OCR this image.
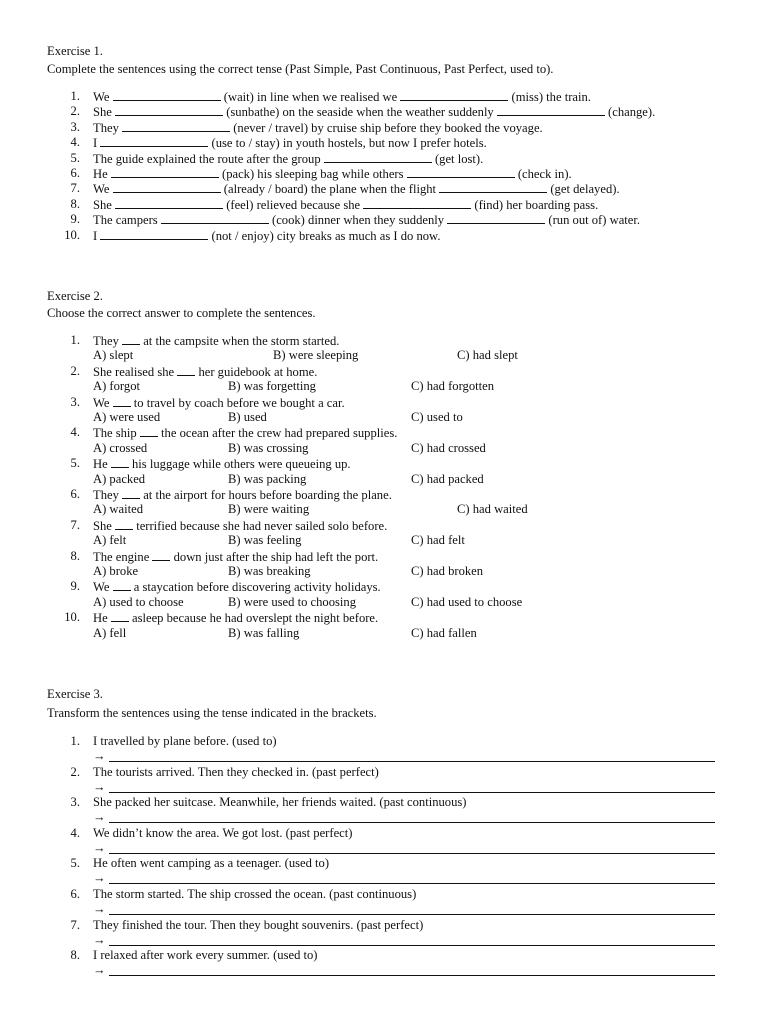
Exercise 1.
Complete the sentences using the correct tense (Past Simple, Past Continuous, Past Perfect, used to).
1. We	(wait) in line when we realised we	(miss) the train.
2. She	(sunbathe) on the seaside when the weather suddenly	(change).
3. They	(never / travel) by cruise ship before they booked the voyage.
4. I	(use to / stay) in youth hostels, but now I prefer hotels.
5. The guide explained the route after the group	(get lost).
6. He	(pack) his sleeping bag while others	(check in).
7. We	(already / board) the plane when the flight	(get delayed).
8. She	(feel) relieved because she	(find) her boarding pass.
9. The campers	(cook) dinner when they suddenly	(run out of) water.
10. I	(not / enjoy) city breaks as much as I do now.
Exercise 2.
Choose the correct answer to complete the sentences.
1. They at the campsite when the storm started.
A) slept	B) were sleeping	C) had slept
2. She realised she her guidebook at home.
A) forgot	B) was forgetting	C) had forgotten
3. We to travel by coach before we bought a car.
A) were used	B) used	C) used to
4. The ship the ocean after the crew had prepared supplies.
A) crossed	B) was crossing	C) had crossed
5. He his luggage while others were queueing up.
A) packed	B) was packing	C) had packed
6. They at the airport for hours before boarding the plane.
A) waited	B) were waiting	C) had waited
7. She terrified because she had never sailed solo before.
A) felt	B) was feeling	C) had felt
8. The engine down just after the ship had left the port.
A) broke	B) was breaking	C) had broken
9. We a staycation before discovering activity holidays.
A) used to choose	B) were used to choosing	C) had used to choose
10. He asleep because he had overslept the night before.
A) fell	B) was falling	C) had fallen
Exercise 3.
Transform the sentences using the tense indicated in the brackets.
1. I travelled by plane before. (used to)
→
2. The tourists arrived. Then they checked in. (past perfect)
→
3. She packed her suitcase. Meanwhile, her friends waited. (past continuous)
→
4. We didn’t know the area. We got lost. (past perfect)
→
5. He often went camping as a teenager. (used to)
→
6. The storm started. The ship crossed the ocean. (past continuous)
→
7. They finished the tour. Then they bought souvenirs. (past perfect)
→
8. I relaxed after work every summer. (used to)
→
